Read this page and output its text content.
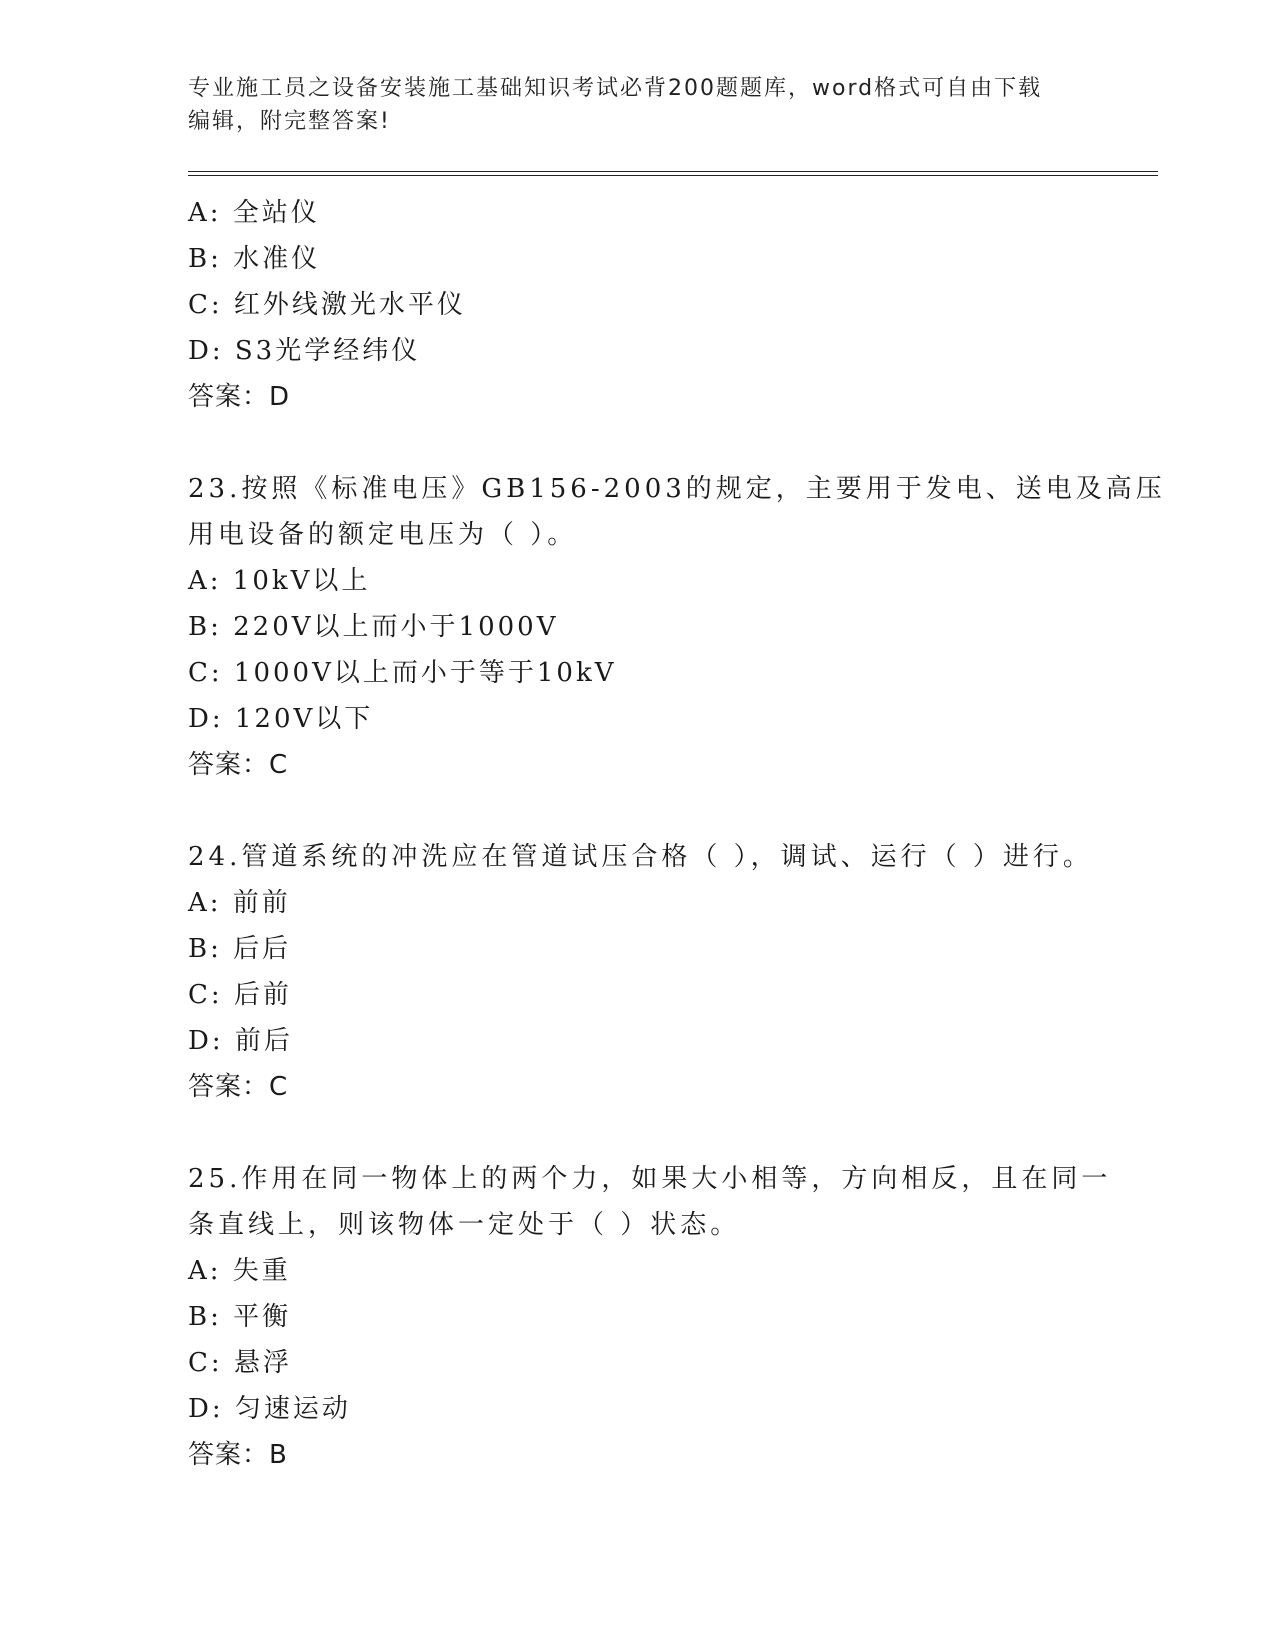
专业施工员之设备安装施工基础知识考试必背200题题库，word格式可自由下载
编辑，附完整答案!
A: 全站仪
B: 水准仪
C: 红外线激光水平仪
D: S3光学经纬仪
答案：D
23.按照《标准电压》GB156-2003的规定，主要用于发电、送电及高压
用电设备的额定电压为（ ）。
A: 10kV以上
B: 220V以上而小于1000V
C: 1000V以上而小于等于10kV
D: 120V以下
答案：C
24.管道系统的冲洗应在管道试压合格（ ），调试、运行（ ）进行。
A: 前前
B: 后后
C: 后前
D: 前后
答案：C
25.作用在同一物体上的两个力，如果大小相等，方向相反，且在同一
条直线上，则该物体一定处于（ ）状态。
A: 失重
B: 平衡
C: 悬浮
D: 匀速运动
答案：B
